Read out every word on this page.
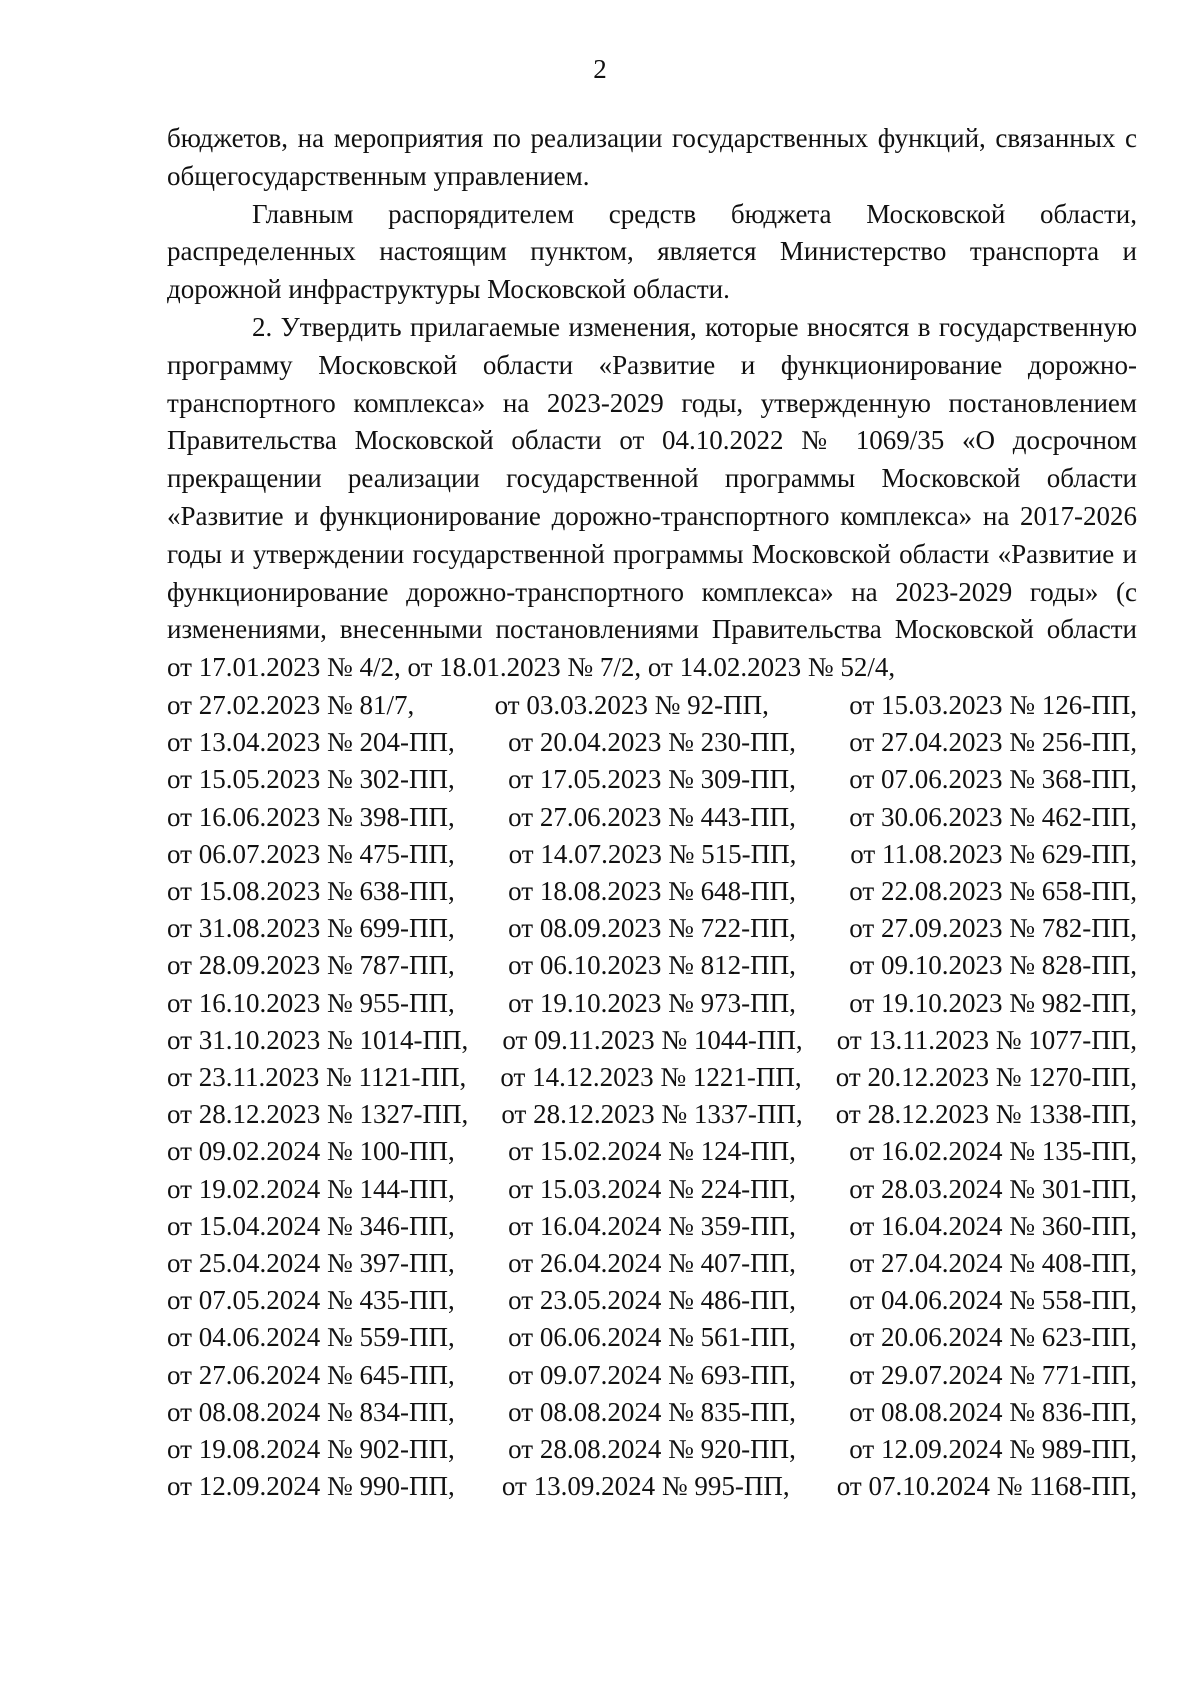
2

бюджетов, на мероприятия по реализации государственных функций, связанных с общегосударственным управлением.

Главным распорядителем средств бюджета Московской области, распределенных настоящим пунктом, является Министерство транспорта и дорожной инфраструктуры Московской области.

2. Утвердить прилагаемые изменения, которые вносятся в государственную программу Московской области «Развитие и функционирование дорожно-транспортного комплекса» на 2023-2029 годы, утвержденную постановлением Правительства Московской области от 04.10.2022 № 1069/35 «О досрочном прекращении реализации государственной программы Московской области «Развитие и функционирование дорожно-транспортного комплекса» на 2017-2026 годы и утверждении государственной программы Московской области «Развитие и функционирование дорожно-транспортного комплекса» на 2023-2029 годы» (с изменениями, внесенными постановлениями Правительства Московской области от 17.01.2023 № 4/2, от 18.01.2023 № 7/2, от 14.02.2023 № 52/4,

от 27.02.2023 № 81/7,	от 03.03.2023 № 92-ПП,	от 15.03.2023 № 126-ПП,
от 13.04.2023 № 204-ПП, от 20.04.2023 № 230-ПП, от 27.04.2023 № 256-ПП,
от 15.05.2023 № 302-ПП, от 17.05.2023 № 309-ПП, от 07.06.2023 № 368-ПП,
от 16.06.2023 № 398-ПП, от 27.06.2023 № 443-ПП, от 30.06.2023 № 462-ПП,
от 06.07.2023 № 475-ПП, от 14.07.2023 № 515-ПП, от 11.08.2023 № 629-ПП,
от 15.08.2023 № 638-ПП, от 18.08.2023 № 648-ПП, от 22.08.2023 № 658-ПП,
от 31.08.2023 № 699-ПП, от 08.09.2023 № 722-ПП, от 27.09.2023 № 782-ПП,
от 28.09.2023 № 787-ПП, от 06.10.2023 № 812-ПП, от 09.10.2023 № 828-ПП,
от 16.10.2023 № 955-ПП, от 19.10.2023 № 973-ПП, от 19.10.2023 № 982-ПП,
от 31.10.2023 № 1014-ПП, от 09.11.2023 № 1044-ПП, от 13.11.2023 № 1077-ПП,
от 23.11.2023 № 1121-ПП, от 14.12.2023 № 1221-ПП, от 20.12.2023 № 1270-ПП,
от 28.12.2023 № 1327-ПП, от 28.12.2023 № 1337-ПП, от 28.12.2023 № 1338-ПП,
от 09.02.2024 № 100-ПП, от 15.02.2024 № 124-ПП, от 16.02.2024 № 135-ПП,
от 19.02.2024 № 144-ПП, от 15.03.2024 № 224-ПП, от 28.03.2024 № 301-ПП,
от 15.04.2024 № 346-ПП, от 16.04.2024 № 359-ПП, от 16.04.2024 № 360-ПП,
от 25.04.2024 № 397-ПП, от 26.04.2024 № 407-ПП, от 27.04.2024 № 408-ПП,
от 07.05.2024 № 435-ПП, от 23.05.2024 № 486-ПП, от 04.06.2024 № 558-ПП,
от 04.06.2024 № 559-ПП, от 06.06.2024 № 561-ПП, от 20.06.2024 № 623-ПП,
от 27.06.2024 № 645-ПП, от 09.07.2024 № 693-ПП, от 29.07.2024 № 771-ПП,
от 08.08.2024 № 834-ПП, от 08.08.2024 № 835-ПП, от 08.08.2024 № 836-ПП,
от 19.08.2024 № 902-ПП, от 28.08.2024 № 920-ПП, от 12.09.2024 № 989-ПП,
от 12.09.2024 № 990-ПП, от 13.09.2024 № 995-ПП, от 07.10.2024 № 1168-ПП,
